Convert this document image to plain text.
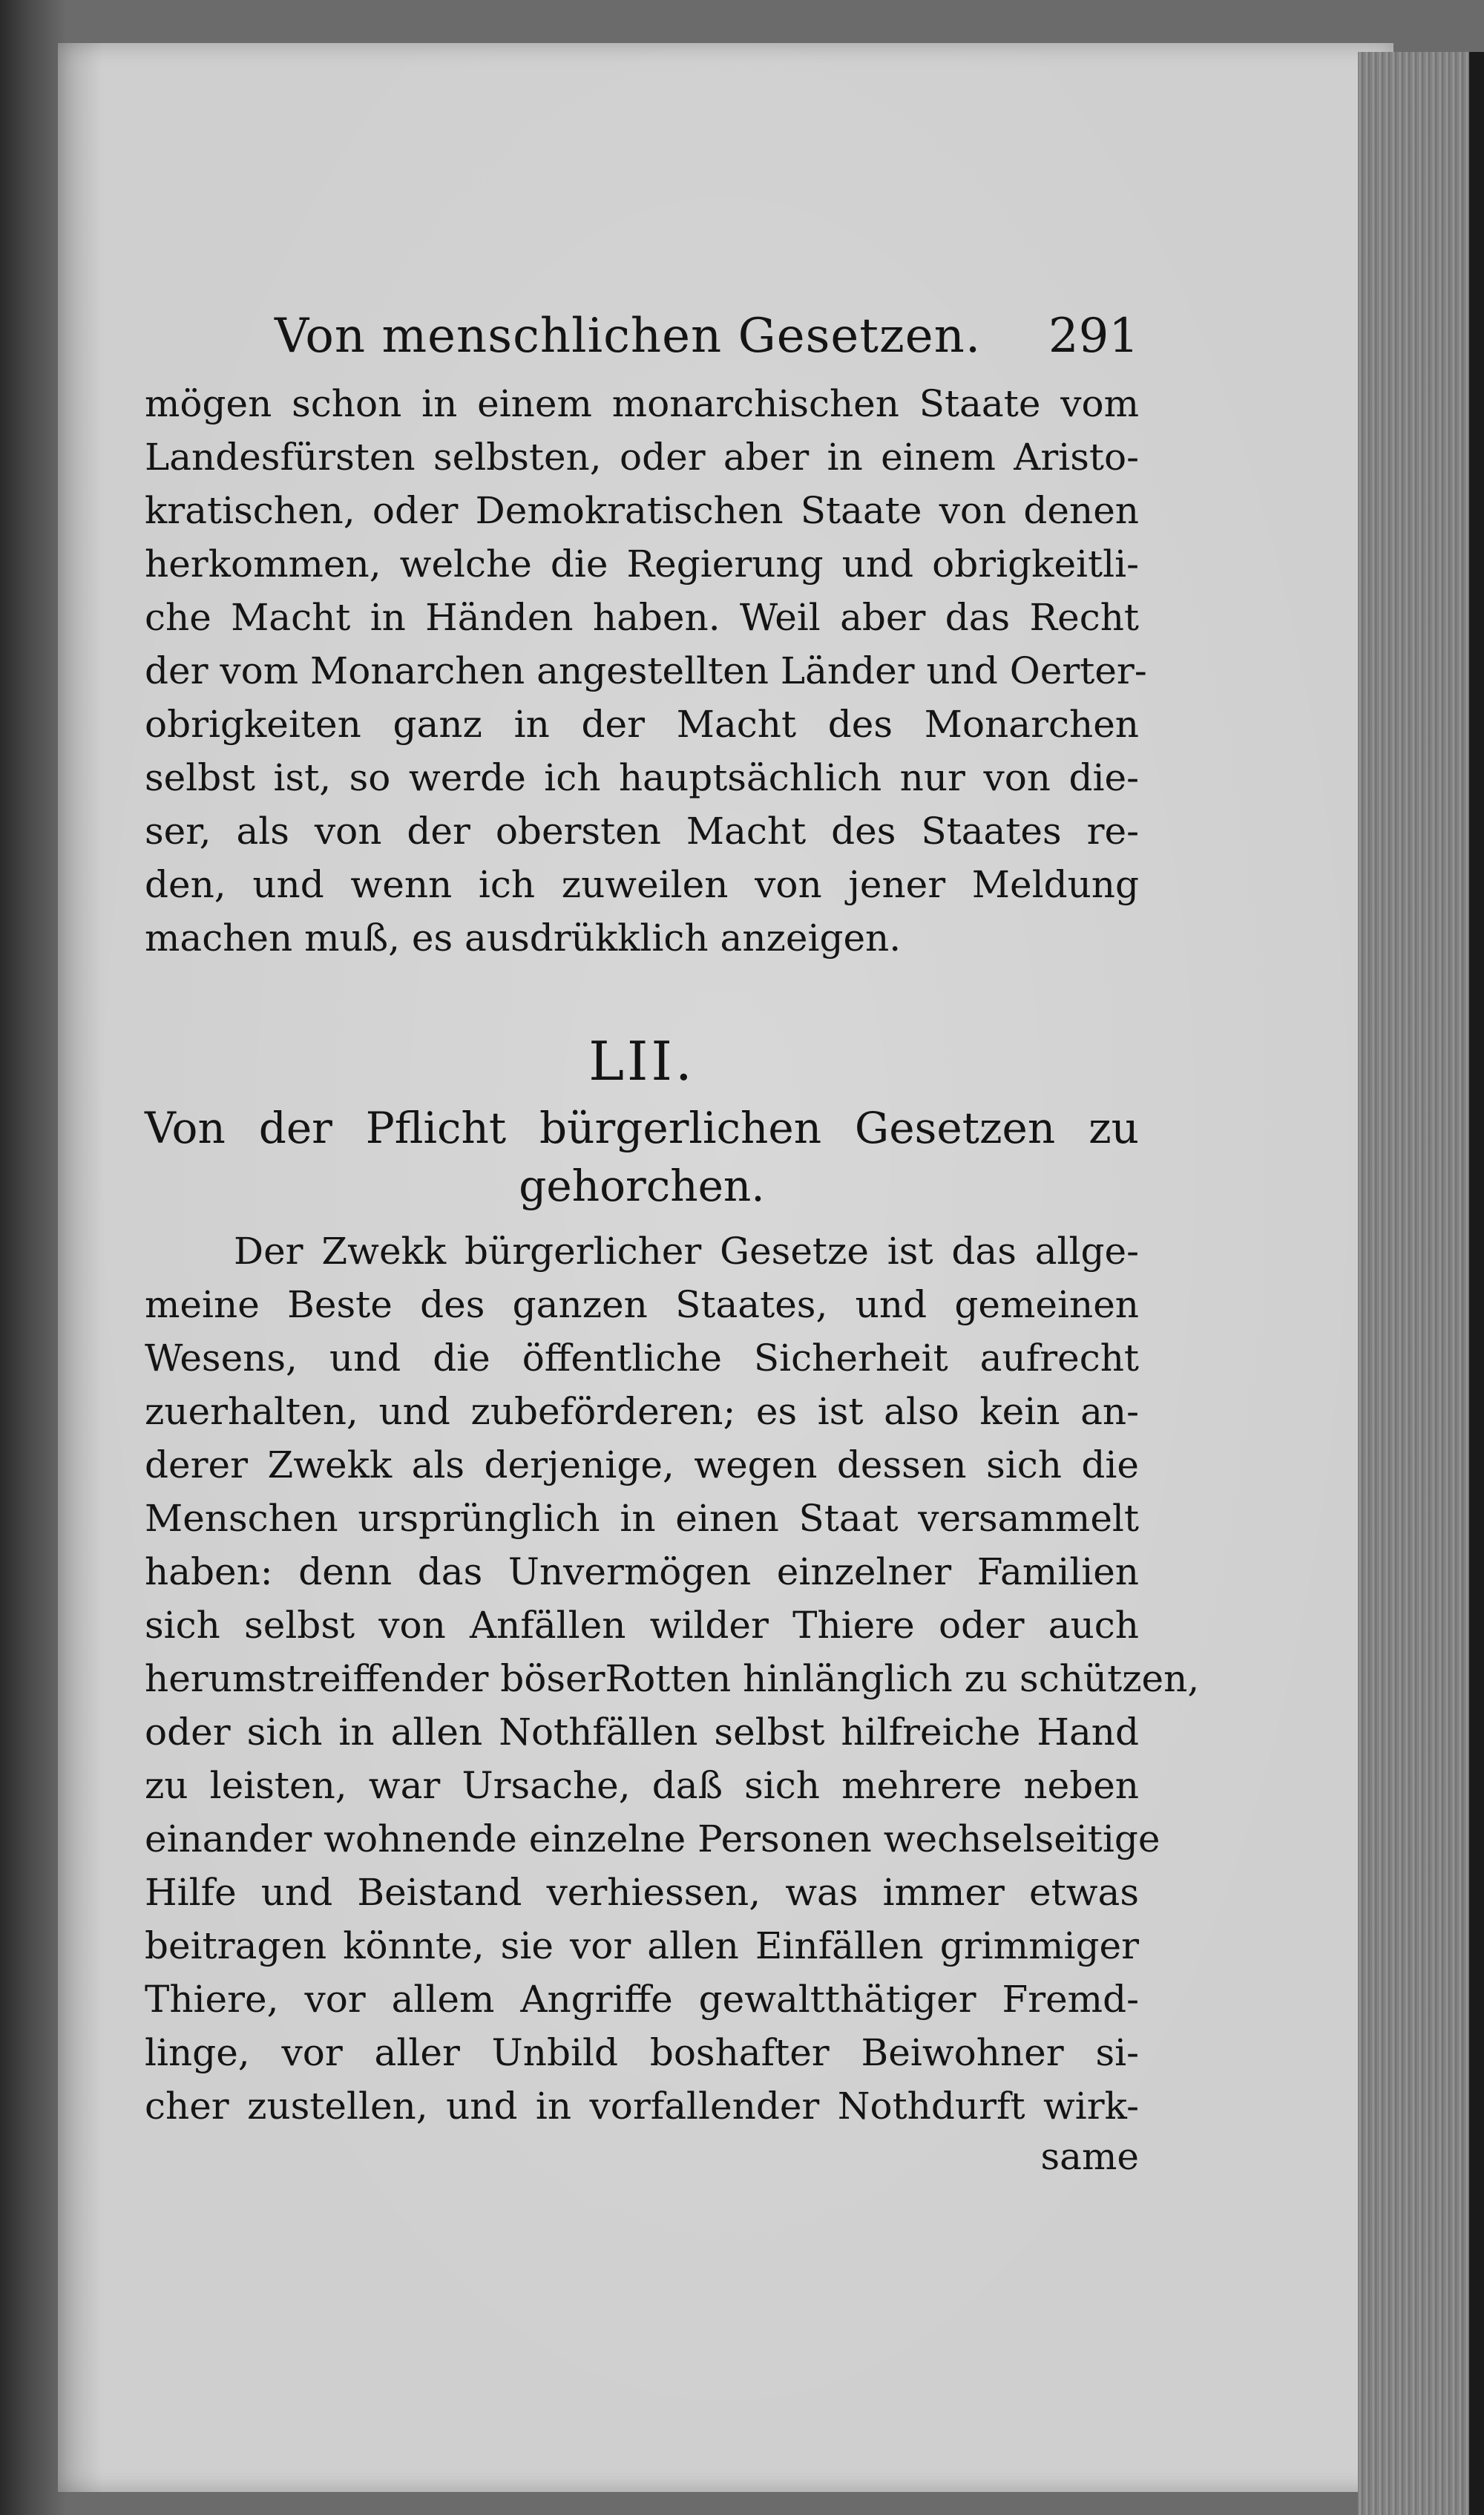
Von menschlichen Gesetzen. 291
mögen schon in einem monarchischen Staate vom
Landesfürsten selbsten, oder aber in einem Aristo-
kratischen, oder Demokratischen Staate von denen
herkommen, welche die Regierung und obrigkeitli-
che Macht in Händen haben. Weil aber das Recht
der vom Monarchen angestellten Länder und Oerter-
obrigkeiten ganz in der Macht des Monarchen
selbst ist, so werde ich hauptsächlich nur von die-
ser, als von der obersten Macht des Staates re-
den, und wenn ich zuweilen von jener Meldung
machen muß, es ausdrükklich anzeigen.
LII.
Von der Pflicht bürgerlichen Gesetzen zu
gehorchen.
Der Zwekk bürgerlicher Gesetze ist das allge-
meine Beste des ganzen Staates, und gemeinen
Wesens, und die öffentliche Sicherheit aufrecht
zuerhalten, und zubeförderen; es ist also kein an-
derer Zwekk als derjenige, wegen dessen sich die
Menschen ursprünglich in einen Staat versammelt
haben: denn das Unvermögen einzelner Familien
sich selbst von Anfällen wilder Thiere oder auch
herumstreiffender böserRotten hinlänglich zu schützen,
oder sich in allen Nothfällen selbst hilfreiche Hand
zu leisten, war Ursache, daß sich mehrere neben
einander wohnende einzelne Personen wechselseitige
Hilfe und Beistand verhiessen, was immer etwas
beitragen könnte, sie vor allen Einfällen grimmiger
Thiere, vor allem Angriffe gewaltthätiger Fremd-
linge, vor aller Unbild boshafter Beiwohner si-
cher zustellen, und in vorfallender Nothdurft wirk-
same
